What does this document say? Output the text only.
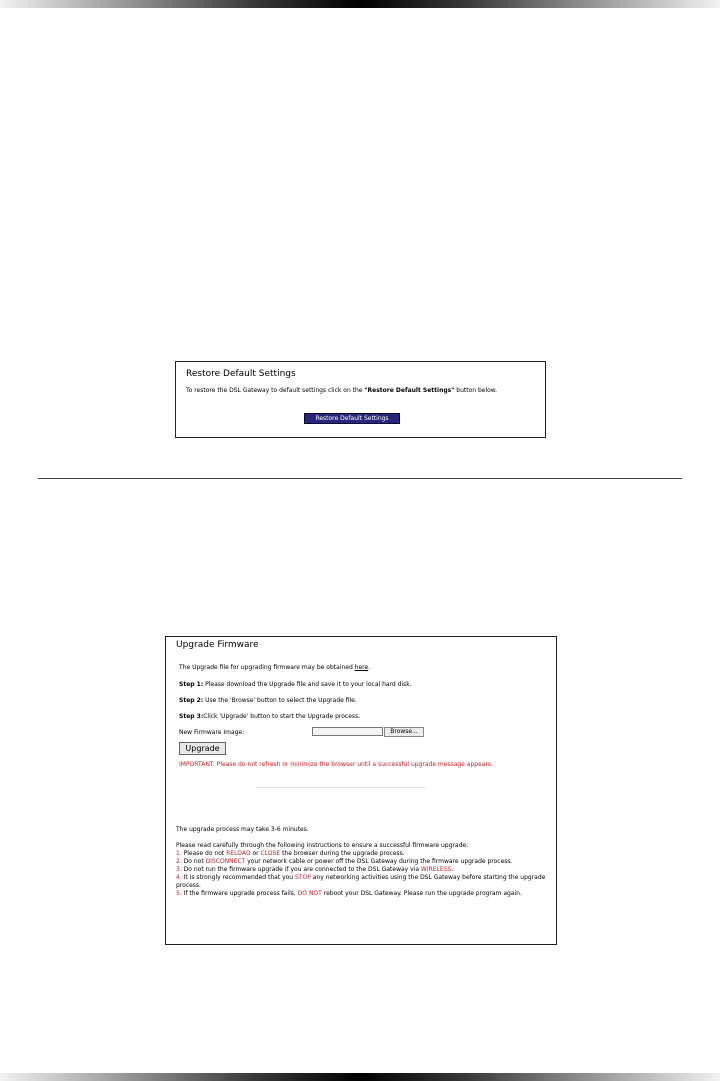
Restore Default Settings

To restore the DSL Gateway to default settings click on the "Restore Default Settings" button below.

Restore Default Settings
Upgrade Firmware
The Upgrade file for upgrading firmware may be obtained here.
Step 1: Please download the Upgrade file and save it to your local hard disk.
Step 2: Use the 'Browse' button to select the Upgrade file.
Step 3:Click 'Upgrade' button to start the Upgrade process.
New Firmware Image:	Browse...
Upgrade
IMPORTANT: Please do not refresh or minimize the browser until a successful upgrade message appears.
The upgrade process may take 3-6 minutes.

Please read carefully through the following instructions to ensure a successful firmware upgrade:

1. Please do not RELOAD or CLOSE the browser during the upgrade process.

2. Do not DISCONNECT your network cable or power off the DSL Gateway during the firmware upgrade process.

3. Do not run the firmware upgrade if you are connected to the DSL Gateway via WIRELESS.

4. It is strongly recommended that you STOP any networking activities using the DSL Gateway before starting the upgrade process.

5. If the firmware upgrade process fails, DO NOT reboot your DSL Gateway. Please run the upgrade program again.
